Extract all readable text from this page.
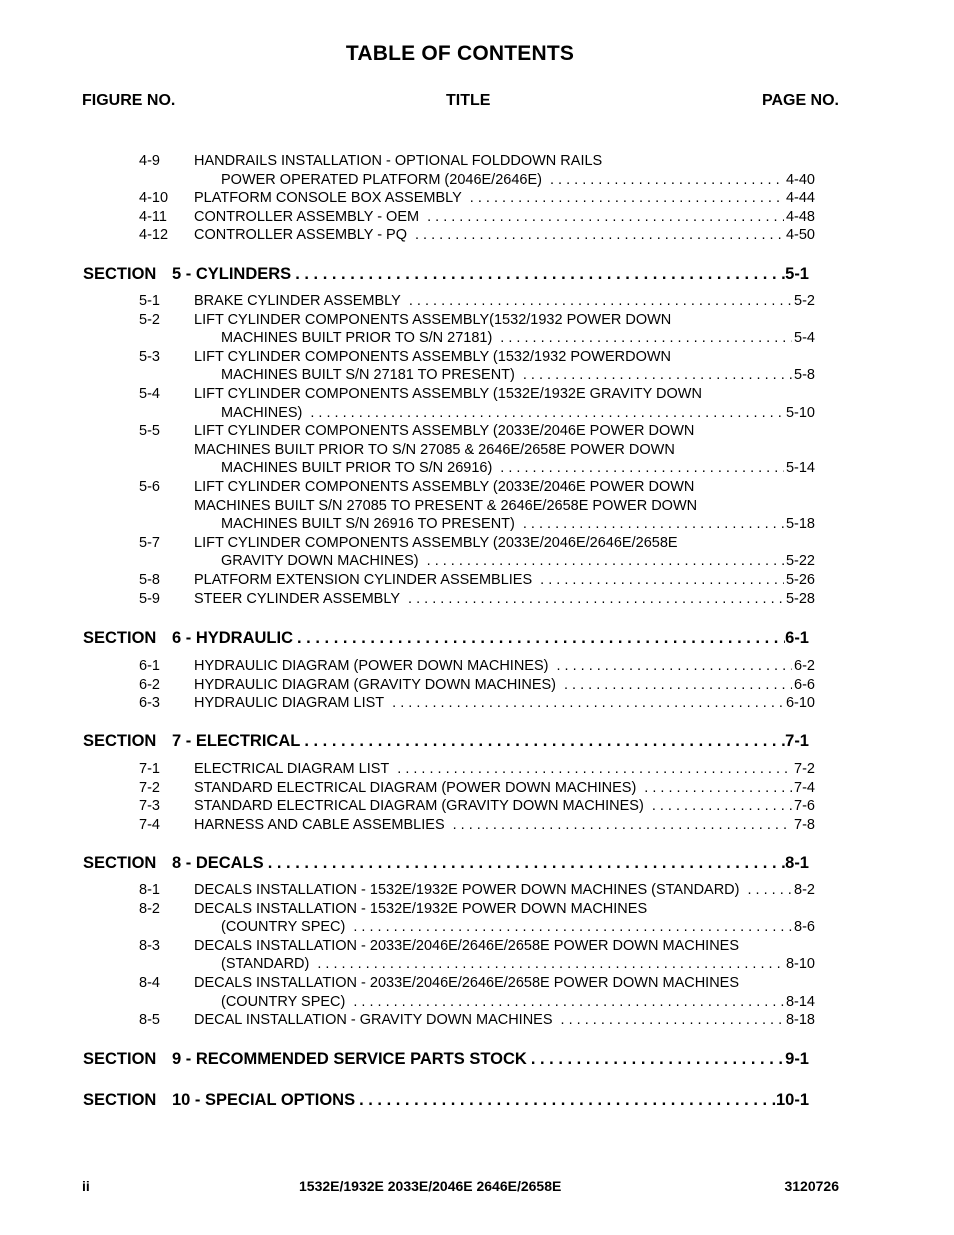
TABLE OF CONTENTS
FIGURE NO.	TITLE	PAGE NO.
4-9 HANDRAILS INSTALLATION - OPTIONAL FOLDDOWN RAILS
POWER OPERATED PLATFORM (2046E/2646E) . . .	4-40
4-10 PLATFORM CONSOLE BOX ASSEMBLY . . .	4-44
4-11 CONTROLLER ASSEMBLY - OEM . . .	4-48
4-12 CONTROLLER ASSEMBLY - PQ . . .	4-50
SECTION 5 - CYLINDERS . . .	5-1
5-1 BRAKE CYLINDER ASSEMBLY . . .	5-2
5-2 LIFT CYLINDER COMPONENTS ASSEMBLY(1532/1932 POWER DOWN
MACHINES BUILT PRIOR TO S/N 27181) . . .	5-4
5-3 LIFT CYLINDER COMPONENTS ASSEMBLY (1532/1932 POWERDOWN
MACHINES BUILT S/N 27181 TO PRESENT) . . .	5-8
5-4 LIFT CYLINDER COMPONENTS ASSEMBLY (1532E/1932E GRAVITY DOWN
MACHINES) . . .	5-10
5-5 LIFT CYLINDER COMPONENTS ASSEMBLY (2033E/2046E POWER DOWN
MACHINES BUILT PRIOR TO S/N 27085 & 2646E/2658E POWER DOWN
MACHINES BUILT PRIOR TO S/N 26916) . . .	5-14
5-6 LIFT CYLINDER COMPONENTS ASSEMBLY (2033E/2046E POWER DOWN
MACHINES BUILT S/N 27085 TO PRESENT & 2646E/2658E POWER DOWN
MACHINES BUILT S/N 26916 TO PRESENT) . . .	5-18
5-7 LIFT CYLINDER COMPONENTS ASSEMBLY (2033E/2046E/2646E/2658E
GRAVITY DOWN MACHINES) . . .	5-22
5-8 PLATFORM EXTENSION CYLINDER ASSEMBLIES . . .	5-26
5-9 STEER CYLINDER ASSEMBLY . . .	5-28
SECTION 6 - HYDRAULIC . . .	6-1
6-1 HYDRAULIC DIAGRAM (POWER DOWN MACHINES) . . .	6-2
6-2 HYDRAULIC DIAGRAM (GRAVITY DOWN MACHINES) . . .	6-6
6-3 HYDRAULIC DIAGRAM LIST . . .	6-10
SECTION 7 - ELECTRICAL . . .	7-1
7-1 ELECTRICAL DIAGRAM LIST . . .	7-2
7-2 STANDARD ELECTRICAL DIAGRAM (POWER DOWN MACHINES) . . .	7-4
7-3 STANDARD ELECTRICAL DIAGRAM (GRAVITY DOWN MACHINES) . . .	7-6
7-4 HARNESS AND CABLE ASSEMBLIES . . .	7-8
SECTION 8 - DECALS . . .	8-1
8-1 DECALS INSTALLATION - 1532E/1932E POWER DOWN MACHINES (STANDARD) . . .	8-2
8-2 DECALS INSTALLATION - 1532E/1932E POWER DOWN MACHINES
(COUNTRY SPEC) . . .	8-6
8-3 DECALS INSTALLATION - 2033E/2046E/2646E/2658E POWER DOWN MACHINES
(STANDARD) . . .	8-10
8-4 DECALS INSTALLATION - 2033E/2046E/2646E/2658E POWER DOWN MACHINES
(COUNTRY SPEC) . . .	8-14
8-5 DECAL INSTALLATION - GRAVITY DOWN MACHINES . . .	8-18
SECTION 9 - RECOMMENDED SERVICE PARTS STOCK . . .	9-1
SECTION 10 - SPECIAL OPTIONS . . .	10-1
ii	1532E/1932E 2033E/2046E 2646E/2658E	3120726
